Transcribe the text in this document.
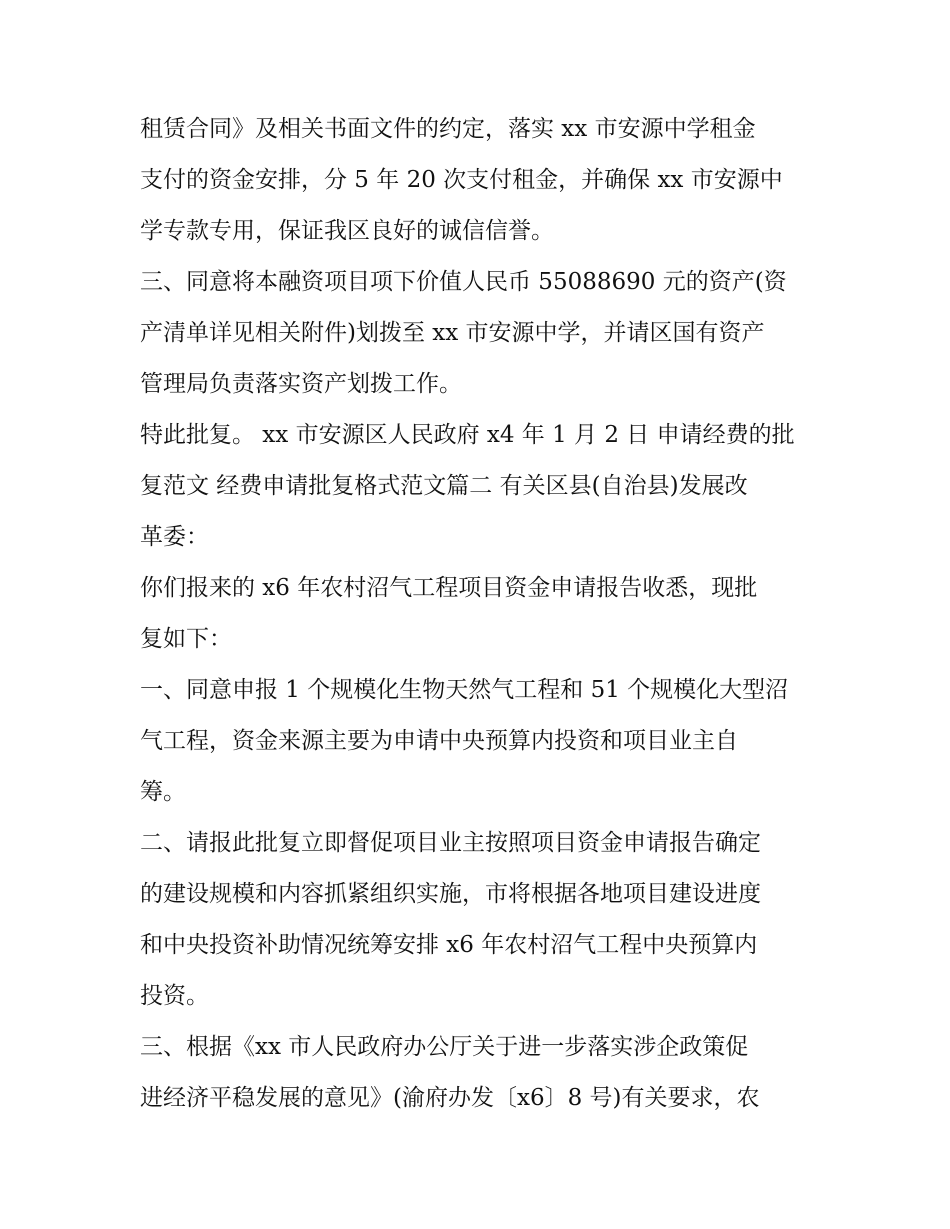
租赁合同》及相关书面文件的约定，落实 xx 市安源中学租金
支付的资金安排，分 5 年 20 次支付租金，并确保 xx 市安源中
学专款专用，保证我区良好的诚信信誉。
三、同意将本融资项目项下价值人民币 55088690 元的资产(资
产清单详见相关附件)划拨至 xx 市安源中学，并请区国有资产
管理局负责落实资产划拨工作。
特此批复。 xx 市安源区人民政府 x4 年 1 月 2 日 申请经费的批
复范文 经费申请批复格式范文篇二 有关区县(自治县)发展改
革委：
你们报来的 x6 年农村沼气工程项目资金申请报告收悉，现批
复如下：
一、同意申报 1 个规模化生物天然气工程和 51 个规模化大型沼
气工程，资金来源主要为申请中央预算内投资和项目业主自
筹。
二、请报此批复立即督促项目业主按照项目资金申请报告确定
的建设规模和内容抓紧组织实施，市将根据各地项目建设进度
和中央投资补助情况统筹安排 x6 年农村沼气工程中央预算内
投资。
三、根据《xx 市人民政府办公厅关于进一步落实涉企政策促
进经济平稳发展的意见》(渝府办发〔x6〕8 号)有关要求，农
